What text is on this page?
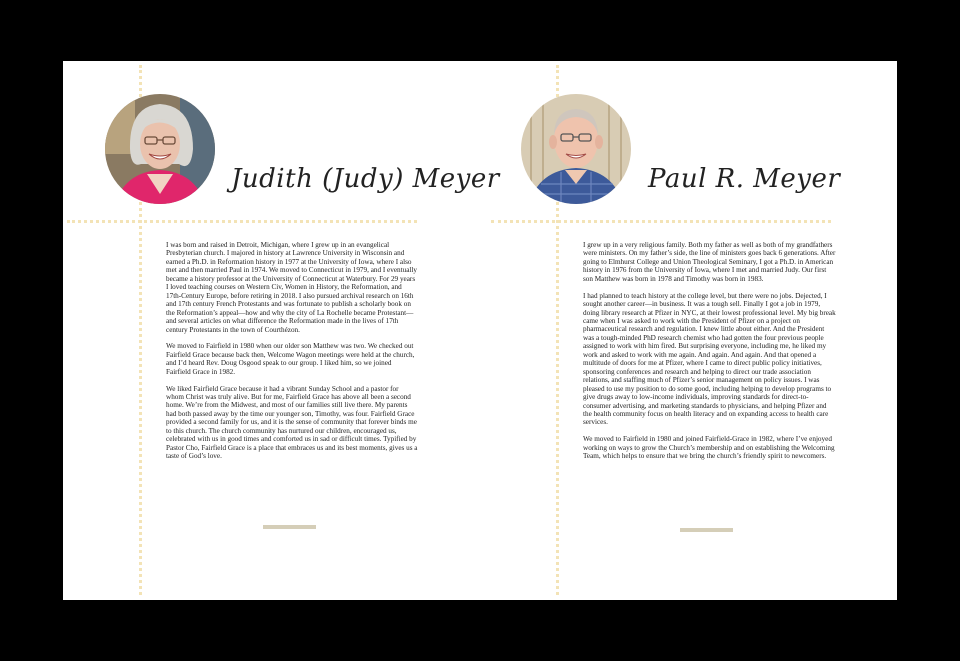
Judith (Judy) Meyer

I was born and raised in Detroit, Michigan, where I grew up in an evangelical Presbyterian church. I majored in history at Lawrence University in Wisconsin and earned a Ph.D. in Reformation history in 1977 at the University of Iowa, where I also met and then married Paul in 1974. We moved to Connecticut in 1979, and I eventually became a history professor at the University of Connecticut at Waterbury. For 29 years I loved teaching courses on Western Civ, Women in History, the Reformation, and 17th-Century Europe, before retiring in 2018. I also pursued archival research on 16th and 17th century French Protestants and was fortunate to publish a scholarly book on the Reformation’s appeal—how and why the city of La Rochelle became Protestant—and several articles on what difference the Reformation made in the lives of 17th century Protestants in the town of Courthézon.

We moved to Fairfield in 1980 when our older son Matthew was two. We checked out Fairfield Grace because back then, Welcome Wagon meetings were held at the church, and I’d heard Rev. Doug Osgood speak to our group. I liked him, so we joined Fairfield Grace in 1982.

We liked Fairfield Grace because it had a vibrant Sunday School and a pastor for whom Christ was truly alive. But for me, Fairfield Grace has above all been a second home. We’re from the Midwest, and most of our families still live there. My parents had both passed away by the time our younger son, Timothy, was four. Fairfield Grace provided a second family for us, and it is the sense of community that forever binds me to this church. The church community has nurtured our children, encouraged us, celebrated with us in good times and comforted us in sad or difficult times. Typified by Pastor Cho, Fairfield Grace is a place that embraces us and its best moments, gives us a taste of God’s love.

Paul R. Meyer

I grew up in a very religious family. Both my father as well as both of my grandfathers were ministers. On my father’s side, the line of ministers goes back 6 generations. After going to Elmhurst College and Union Theological Seminary, I got a Ph.D. in American history in 1976 from the University of Iowa, where I met and married Judy. Our first son Matthew was born in 1978 and Timothy was born in 1983.

I had planned to teach history at the college level, but there were no jobs. Dejected, I sought another career—in business. It was a tough sell. Finally I got a job in 1979, doing library research at Pfizer in NYC, at their lowest professional level. My big break came when I was asked to work with the President of Pfizer on a project on pharmaceutical research and regulation. I knew little about either. And the President was a tough-minded PhD research chemist who had gotten the four previous people assigned to work with him fired. But surprising everyone, including me, he liked my work and asked to work with me again. And again. And again. And that opened a multitude of doors for me at Pfizer, where I came to direct public policy initiatives, sponsoring conferences and research and helping to direct our trade association relations, and staffing much of Pfizer’s senior management on policy issues. I was pleased to use my position to do some good, including helping to develop programs to give drugs away to low-income individuals, improving standards for direct-to-consumer advertising, and marketing standards to physicians, and helping Pfizer and the health community focus on health literacy and on expanding access to health care services.

We moved to Fairfield in 1980 and joined Fairfield-Grace in 1982, where I’ve enjoyed working on ways to grow the Church’s membership and on establishing the Welcoming Team, which helps to ensure that we bring the church’s friendly spirit to newcomers.
